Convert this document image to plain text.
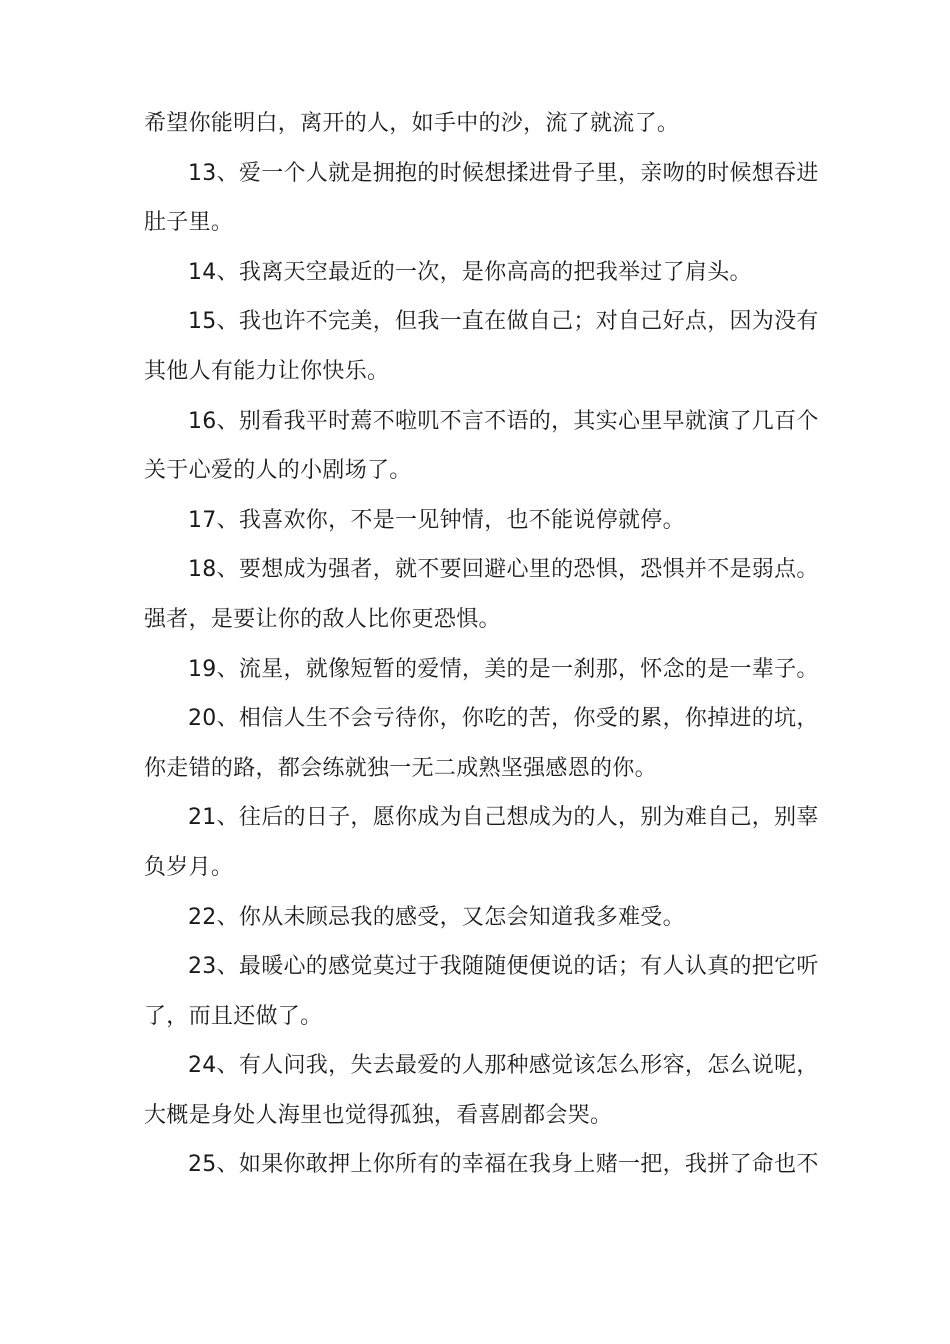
希望你能明白，离开的人，如手中的沙，流了就流了。

13、爱一个人就是拥抱的时候想揉进骨子里，亲吻的时候想吞进肚子里。

14、我离天空最近的一次，是你高高的把我举过了肩头。

15、我也许不完美，但我一直在做自己；对自己好点，因为没有其他人有能力让你快乐。

16、别看我平时蔫不啦叽不言不语的，其实心里早就演了几百个关于心爱的人的小剧场了。

17、我喜欢你，不是一见钟情，也不能说停就停。

18、要想成为强者，就不要回避心里的恐惧，恐惧并不是弱点。强者，是要让你的敌人比你更恐惧。

19、流星，就像短暂的爱情，美的是一刹那，怀念的是一辈子。

20、相信人生不会亏待你，你吃的苦，你受的累，你掉进的坑，你走错的路，都会练就独一无二成熟坚强感恩的你。

21、往后的日子，愿你成为自己想成为的人，别为难自己，别辜负岁月。

22、你从未顾忌我的感受，又怎会知道我多难受。

23、最暖心的感觉莫过于我随随便便说的话；有人认真的把它听了，而且还做了。

24、有人问我，失去最爱的人那种感觉该怎么形容，怎么说呢，大概是身处人海里也觉得孤独，看喜剧都会哭。

25、如果你敢押上你所有的幸福在我身上赌一把，我拼了命也不
